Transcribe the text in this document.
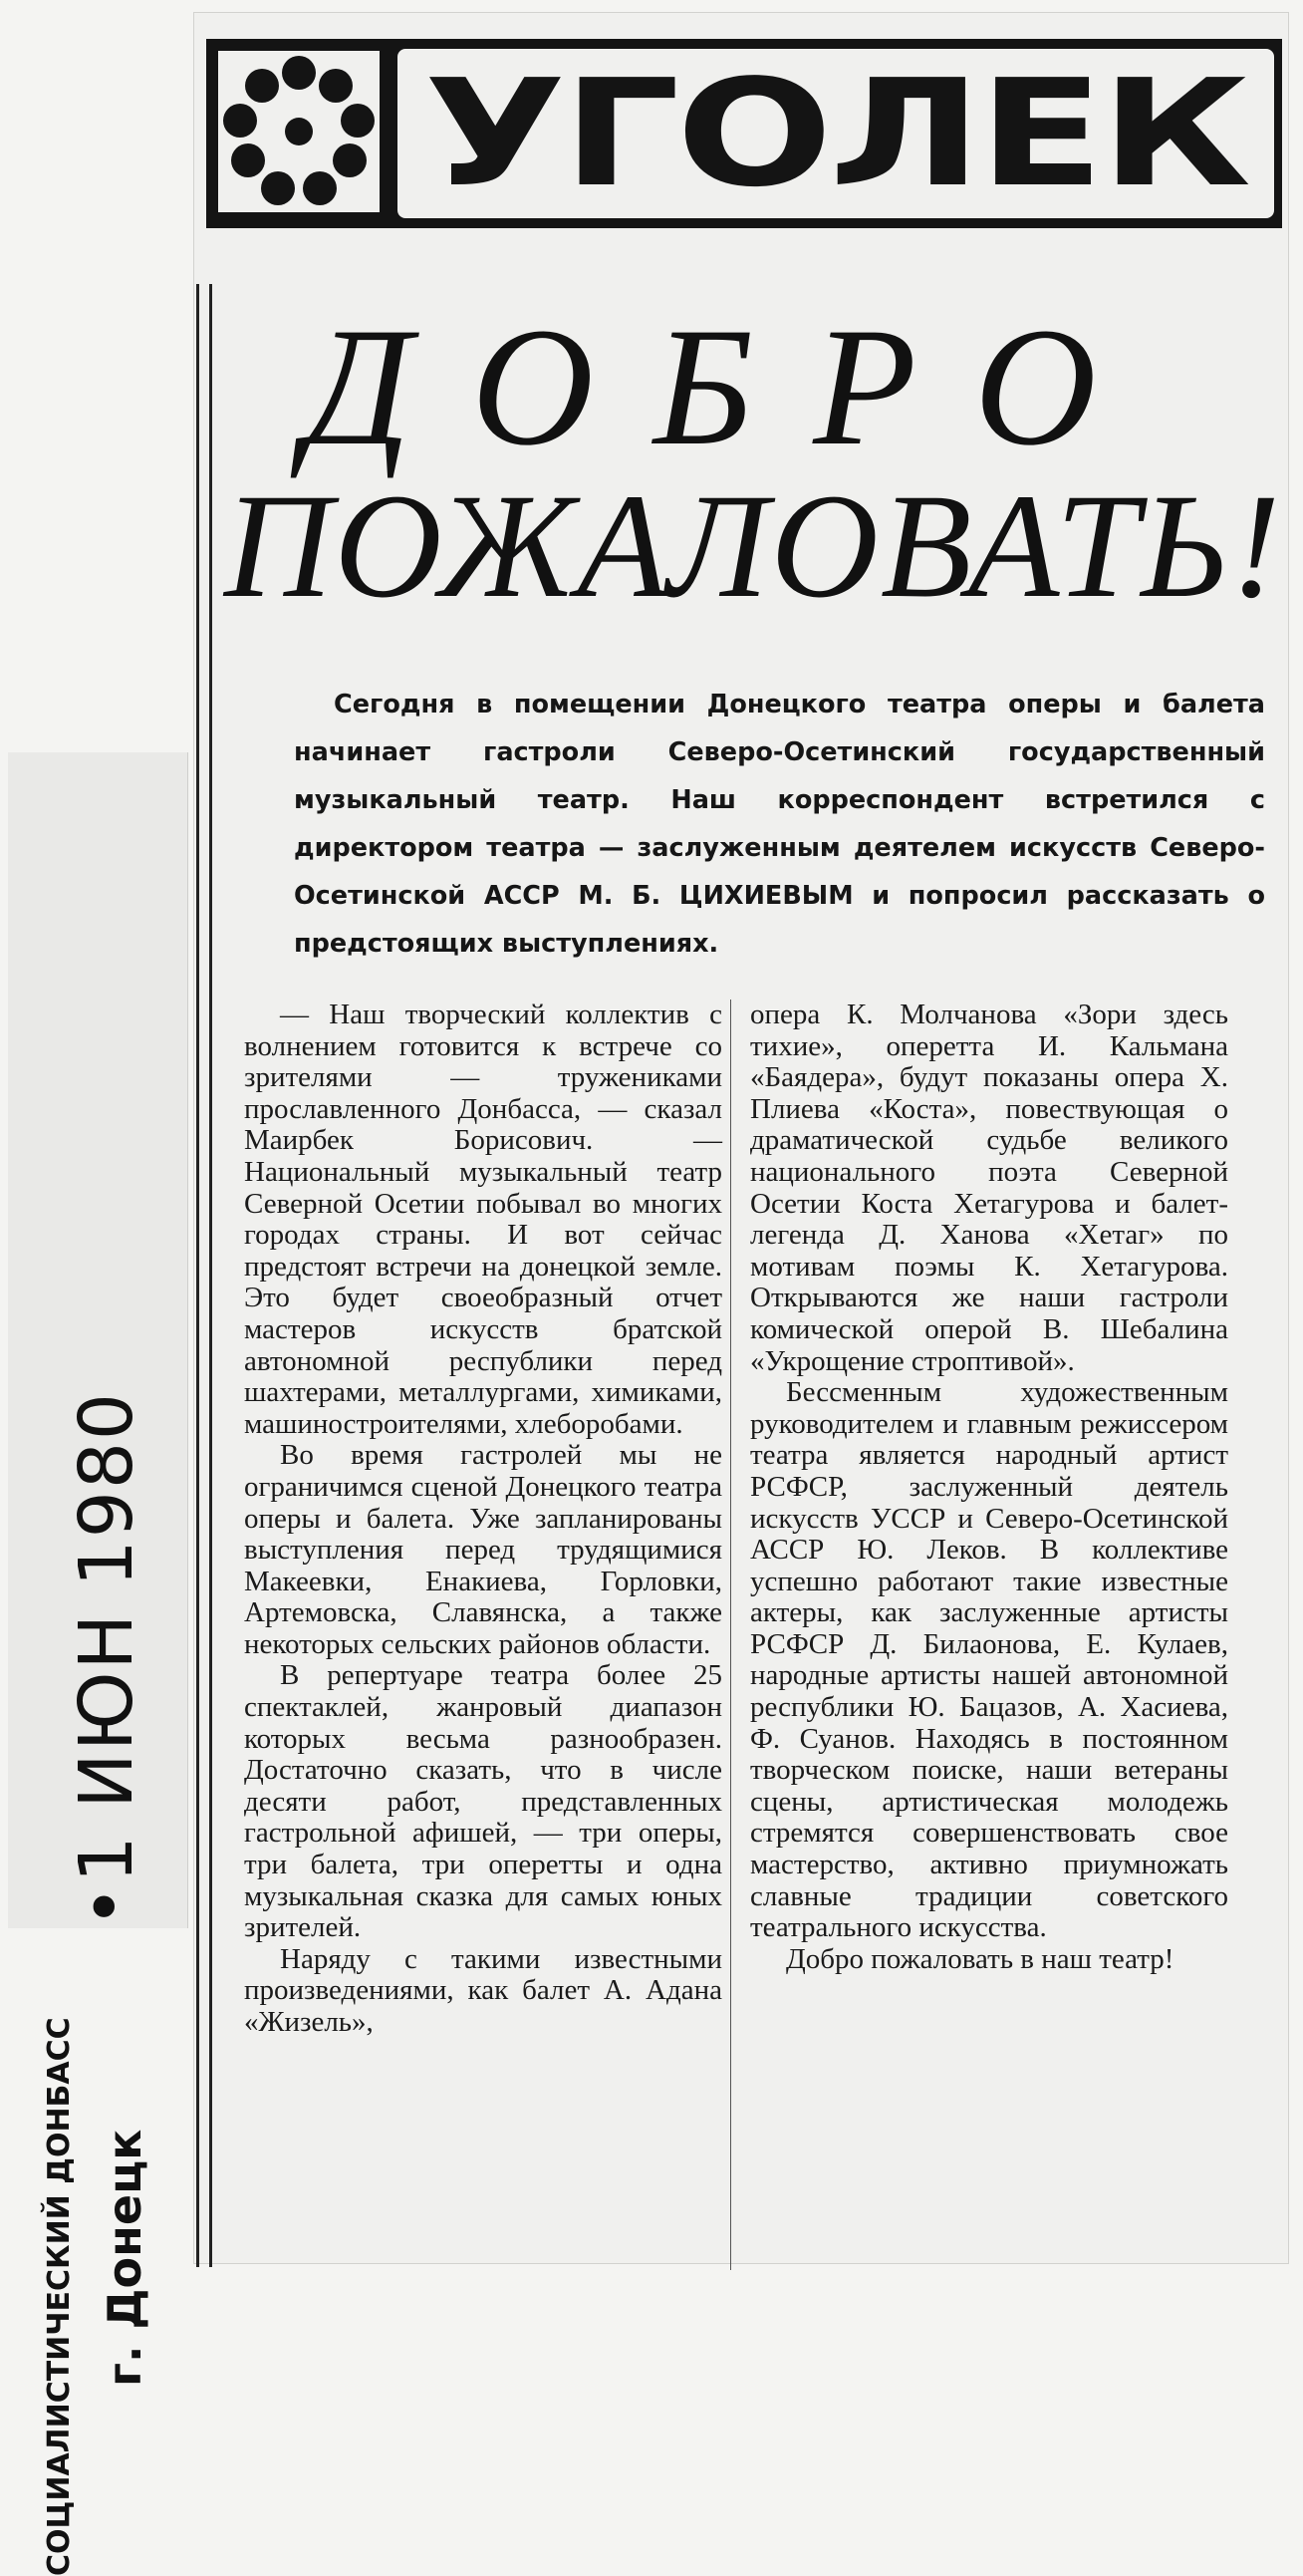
•1 ИЮН 1980
СОЦИАЛИСТИЧЕСКИЙ ДОНБАСС г. Донецк
УГОЛЕК
ДОБРО
ПОЖАЛОВАТЬ!

Сегодня в помещении Донецкого театра оперы и балета начинает гастроли Северо-Осетинский государственный музыкальный театр. Наш корреспондент встретился с директором театра — заслуженным деятелем искусств Северо-Осетинской АССР М. Б. ЦИХИЕВЫМ и попросил рассказать о предстоящих выступлениях.

— Наш творческий коллектив с волнением готовится к встрече со зрителями — тружениками прославленного Донбасса, — сказал Маирбек Борисович. — Национальный музыкальный театр Северной Осетии побывал во многих городах страны. И вот сейчас предстоят встречи на донецкой земле. Это будет своеобразный отчет мастеров искусств братской автономной республики перед шахтерами, металлургами, химиками, машиностроителями, хлеборобами.

Во время гастролей мы не ограничимся сценой Донецкого театра оперы и балета. Уже запланированы выступления перед трудящимися Макеевки, Енакиева, Горловки, Артемовска, Славянска, а также некоторых сельских районов области.

В репертуаре театра более 25 спектаклей, жанровый диапазон которых весьма разнообразен. Достаточно сказать, что в числе десяти работ, представленных гастрольной афишей, — три оперы, три балета, три оперетты и одна музыкальная сказка для самых юных зрителей.

Наряду с такими известными произведениями, как балет А. Адана «Жизель»,

опера К. Молчанова «Зори здесь тихие», оперетта И. Кальмана «Баядера», будут показаны опера Х. Плиева «Коста», повествующая о драматической судьбе великого национального поэта Северной Осетии Коста Хетагурова и балет-легенда Д. Ханова «Хетаг» по мотивам поэмы К. Хетагурова. Открываются же наши гастроли комической оперой В. Шебалина «Укрощение строптивой».

Бессменным художественным руководителем и главным режиссером театра является народный артист РСФСР, заслуженный деятель искусств УССР и Северо-Осетинской АССР Ю. Леков. В коллективе успешно работают такие известные актеры, как заслуженные артисты РСФСР Д. Билаонова, Е. Кулаев, народные артисты нашей автономной республики Ю. Бацазов, А. Хасиева, Ф. Суанов. Находясь в постоянном творческом поиске, наши ветераны сцены, артистическая молодежь стремятся совершенствовать свое мастерство, активно приумножать славные традиции советского театрального искусства.

Добро пожаловать в наш театр!
